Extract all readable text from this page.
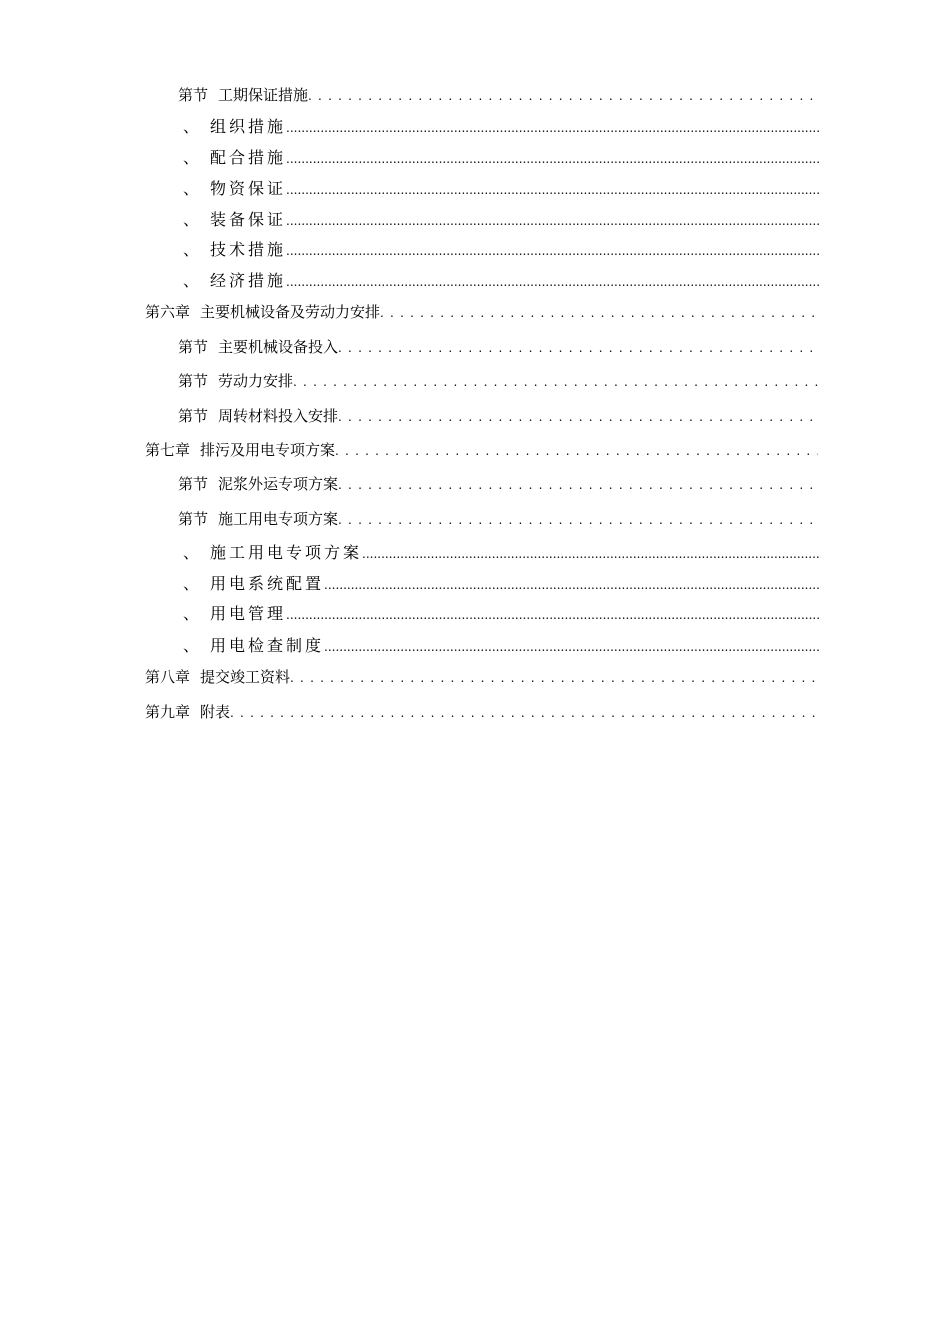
第节 工期保证措施
. . .
、 组织措施
.....
、 配合措施
.....
、 物资保证
.....
、 装备保证
.....
、 技术措施
.....
、 经济措施
.....
第六章 主要机械设备及劳动力安排
. . .
第节 主要机械设备投入
. . .
第节 劳动力安排
. . .
第节 周转材料投入安排
. . .
第七章 排污及用电专项方案
. . .
第节 泥浆外运专项方案
. . .
第节 施工用电专项方案
. . .
、 施工用电专项方案
.....
、 用电系统配置
.....
、 用电管理
.....
、 用电检查制度
.....
第八章 提交竣工资料
. . .
第九章 附表
. . .
